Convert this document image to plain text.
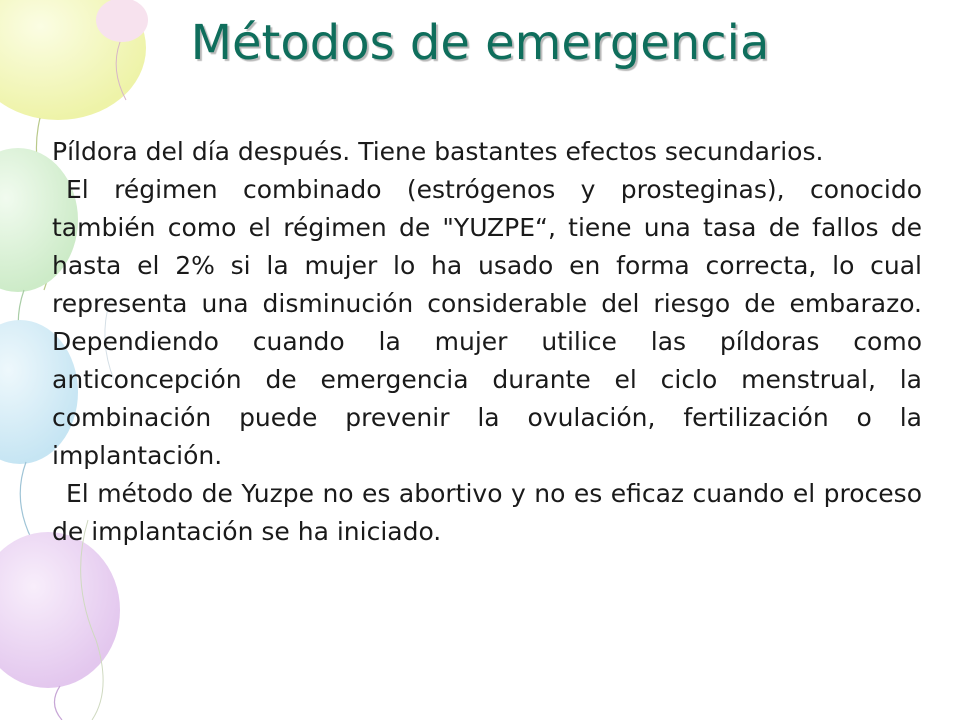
Métodos de emergencia

Píldora del día después. Tiene bastantes efectos secundarios.

El régimen combinado (estrógenos y prosteginas), conocido también como el régimen de "YUZPE“, tiene una tasa de fallos de hasta el 2% si la mujer lo ha usado en forma correcta, lo cual representa una disminución considerable del riesgo de embarazo. Dependiendo cuando la mujer utilice las píldoras como anticoncepción de emergencia durante el ciclo menstrual, la combinación puede prevenir la ovulación, fertilización o la implantación.

El método de Yuzpe no es abortivo y no es eficaz cuando el proceso de implantación se ha iniciado.
